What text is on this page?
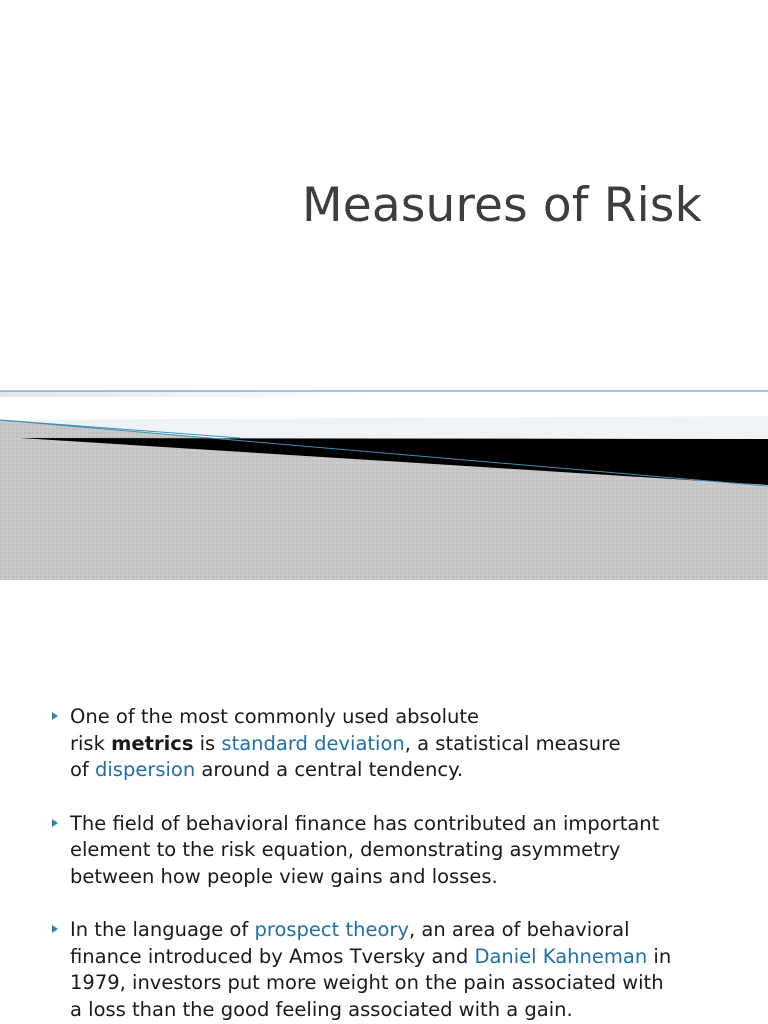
Measures of Risk
One of the most commonly used absolute
risk metrics is standard deviation, a statistical measure
of dispersion around a central tendency.
The field of behavioral finance has contributed an important
element to the risk equation, demonstrating asymmetry
between how people view gains and losses.
In the language of prospect theory, an area of behavioral
finance introduced by Amos Tversky and Daniel Kahneman in
1979, investors put more weight on the pain associated with
a loss than the good feeling associated with a gain.
